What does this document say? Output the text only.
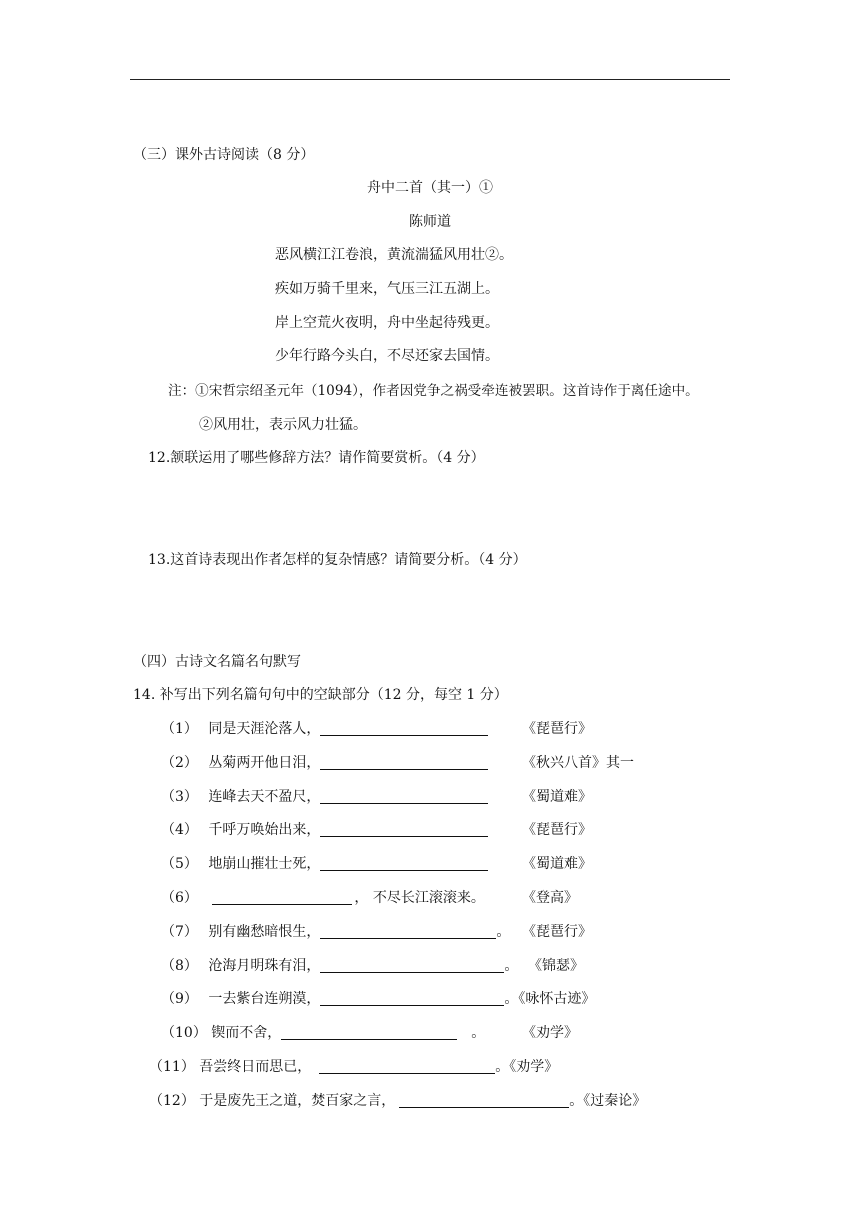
（三）课外古诗阅读（8 分）
舟中二首（其一）①
陈师道
恶风横江江卷浪，黄流湍猛风用壮②。
疾如万骑千里来，气压三江五湖上。
岸上空荒火夜明，舟中坐起待残更。
少年行路今头白，不尽还家去国情。
注：①宋哲宗绍圣元年（1094），作者因党争之祸受牵连被罢职。这首诗作于离任途中。
②风用壮，表示风力壮猛。
12.颔联运用了哪些修辞方法？请作简要赏析。（4 分）
13.这首诗表现出作者怎样的复杂情感？请简要分析。（4 分）
（四）古诗文名篇名句默写
14. 补写出下列名篇句句中的空缺部分（12 分，每空 1 分）
（1） 同是天涯沦落人，	《琵琶行》
（2） 丛菊两开他日泪，	《秋兴八首》其一
（3） 连峰去天不盈尺，	《蜀道难》
（4） 千呼万唤始出来，	《琵琶行》
（5） 地崩山摧壮士死，	《蜀道难》
（6）	， 不尽长江滚滚来。	《登高》
（7） 别有幽愁暗恨生，	。 《琵琶行》
（8） 沧海月明珠有泪，	。 《锦瑟》
（9） 一去紫台连朔漠，	。《咏怀古迹》
（10） 锲而不舍，	。	《劝学》
（11） 吾尝终日而思已，	。《劝学》
（12） 于是废先王之道，焚百家之言，	。《过秦论》
